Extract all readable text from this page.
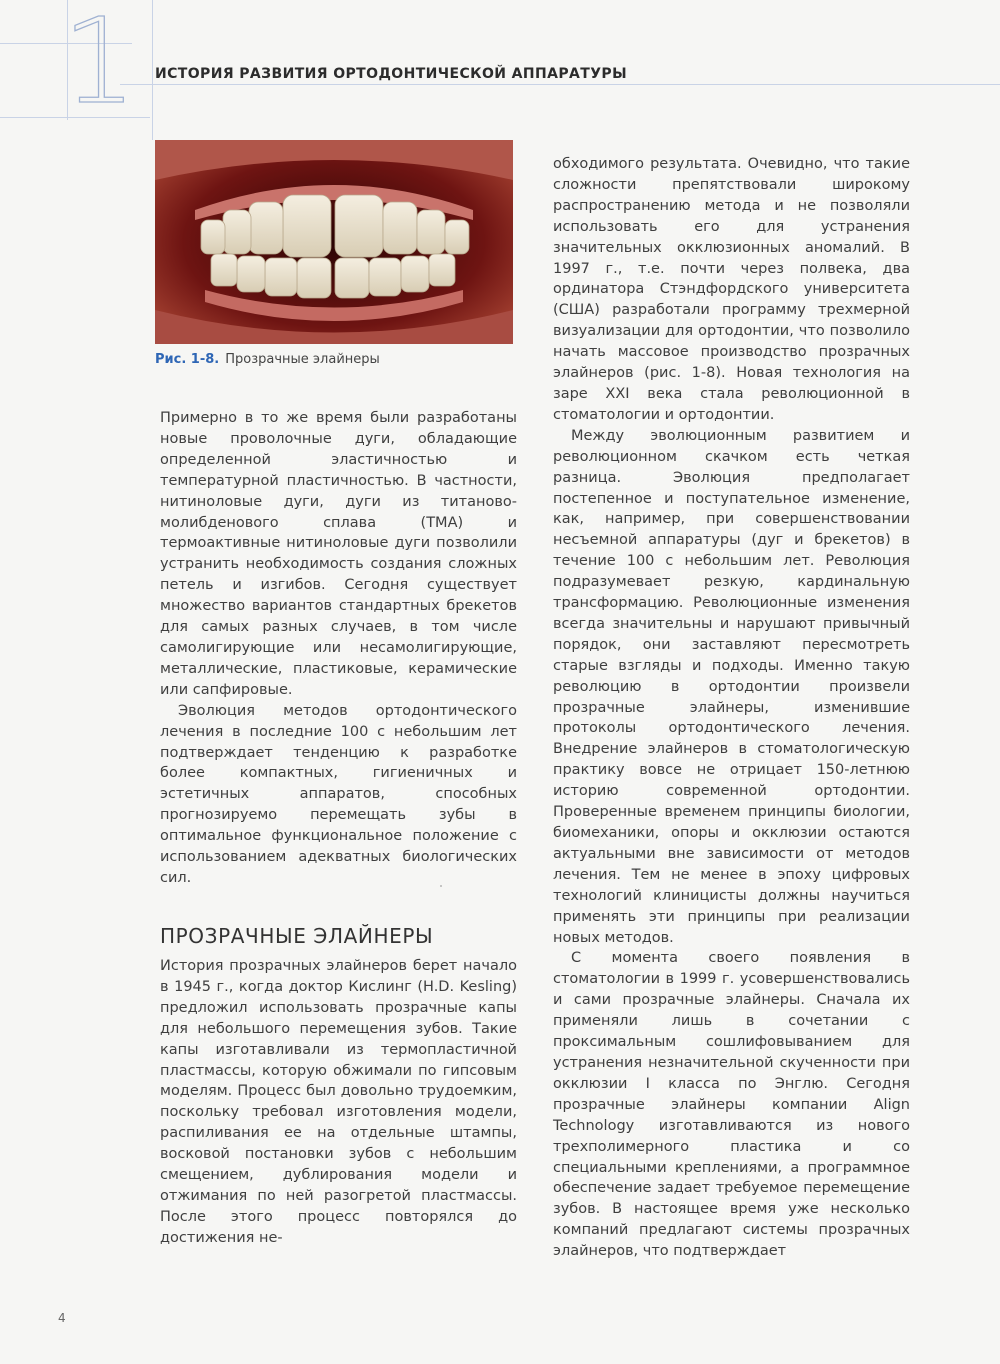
1 ИСТОРИЯ РАЗВИТИЯ ОРТОДОНТИЧЕСКОЙ АППАРАТУРЫ
Рис. 1-8. Прозрачные элайнеры

Примерно в то же время были разработаны новые проволочные дуги, обладающие определенной эластичностью и температурной пластичностью. В частности, нитиноловые дуги, дуги из титаново-молибденового сплава (TMA) и термоактивные нитиноловые дуги позволили устранить необходимость создания сложных петель и изгибов. Сегодня существует множество вариантов стандартных брекетов для самых разных случаев, в том числе самолигирующие или несамолигирующие, металлические, пластиковые, керамические или сапфировые.

Эволюция методов ортодонтического лечения в последние 100 с небольшим лет подтверждает тенденцию к разработке более компактных, гигиеничных и эстетичных аппаратов, способных прогнозируемо перемещать зубы в оптимальное функциональное положение с использованием адекватных биологических сил.

ПРОЗРАЧНЫЕ ЭЛАЙНЕРЫ

История прозрачных элайнеров берет начало в 1945 г., когда доктор Кислинг (H.D. Kesling) предложил использовать прозрачные капы для небольшого перемещения зубов. Такие капы изготавливали из термопластичной пластмассы, которую обжимали по гипсовым моделям. Процесс был довольно трудоемким, поскольку требовал изготовления модели, распиливания ее на отдельные штампы, восковой постановки зубов с небольшим смещением, дублирования модели и отжимания по ней разогретой пластмассы. После этого процесс повторялся до достижения не-

обходимого результата. Очевидно, что такие сложности препятствовали широкому распространению метода и не позволяли использовать его для устранения значительных окклюзионных аномалий. В 1997 г., т.е. почти через полвека, два ординатора Стэндфордского университета (США) разработали программу трехмерной визуализации для ортодонтии, что позволило начать массовое производство прозрачных элайнеров (рис. 1-8). Новая технология на заре XXI века стала революционной в стоматологии и ортодонтии.

Между эволюционным развитием и революционном скачком есть четкая разница. Эволюция предполагает постепенное и поступательное изменение, как, например, при совершенствовании несъемной аппаратуры (дуг и брекетов) в течение 100 с небольшим лет. Революция подразумевает резкую, кардинальную трансформацию. Революционные изменения всегда значительны и нарушают привычный порядок, они заставляют пересмотреть старые взгляды и подходы. Именно такую революцию в ортодонтии произвели прозрачные элайнеры, изменившие протоколы ортодонтического лечения. Внедрение элайнеров в стоматологическую практику вовсе не отрицает 150-летнюю историю современной ортодонтии. Проверенные временем принципы биологии, биомеханики, опоры и окклюзии остаются актуальными вне зависимости от методов лечения. Тем не менее в эпоху цифровых технологий клиницисты должны научиться применять эти принципы при реализации новых методов.

С момента своего появления в стоматологии в 1999 г. усовершенствовались и сами прозрачные элайнеры. Сначала их применяли лишь в сочетании с проксимальным сошлифовыванием для устранения незначительной скученности при окклюзии I класса по Энглю. Сегодня прозрачные элайнеры компании Align Technology изготавливаются из нового трехполимерного пластика и со специальными креплениями, а программное обеспечение задает требуемое перемещение зубов. В настоящее время уже несколько компаний предлагают системы прозрачных элайнеров, что подтверждает

4
